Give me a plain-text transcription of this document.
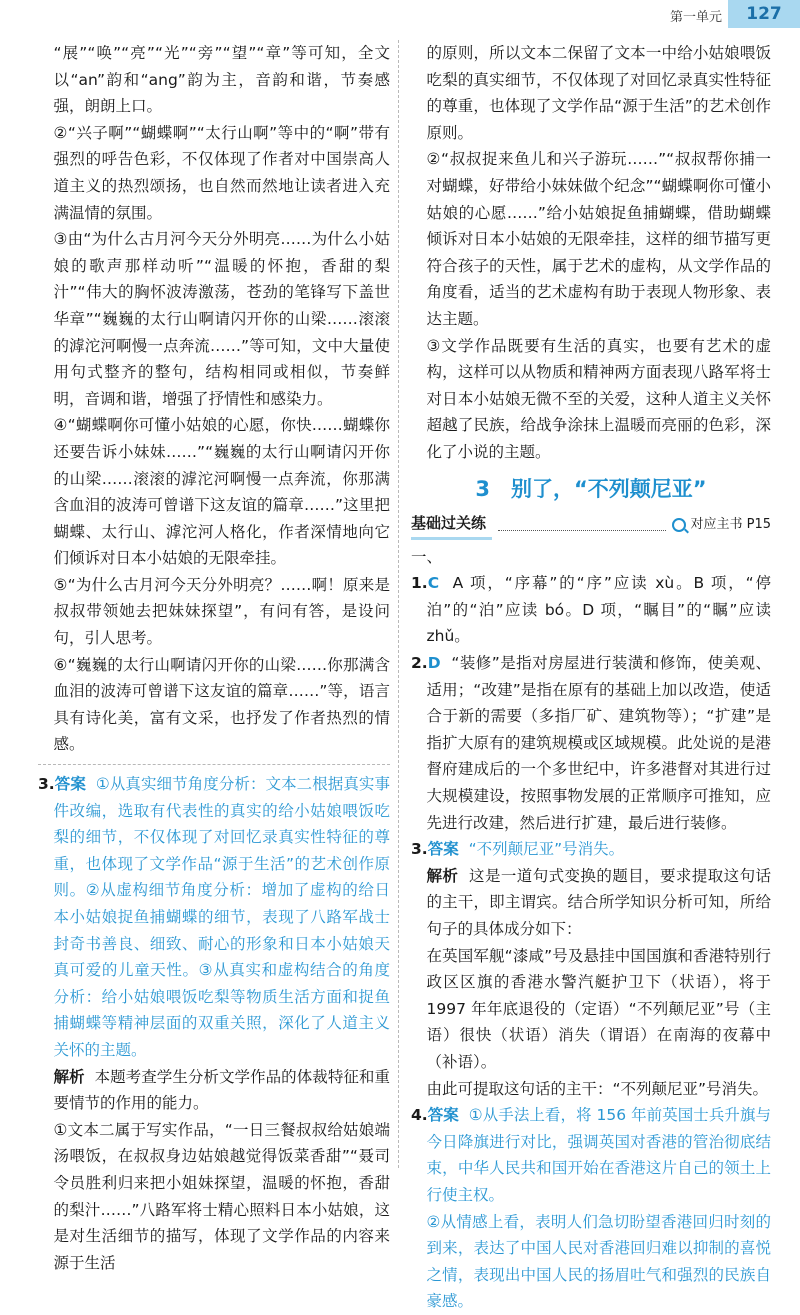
第一单元	127

“展”“唤”“亮”“光”“旁”“望”“章”等可知，全文以“an”韵和“ang”韵为主，音韵和谐，节奏感强，朗朗上口。

②“兴子啊”“蝴蝶啊”“太行山啊”等中的“啊”带有强烈的呼告色彩，不仅体现了作者对中国崇高人道主义的热烈颂扬，也自然而然地让读者进入充满温情的氛围。

③由“为什么古月河今天分外明亮……为什么小姑娘的歌声那样动听”“温暖的怀抱，香甜的梨汁”“伟大的胸怀波涛激荡，苍劲的笔锋写下盖世华章”“巍巍的太行山啊请闪开你的山梁……滚滚的滹沱河啊慢一点奔流……”等可知，文中大量使用句式整齐的整句，结构相同或相似，节奏鲜明，音调和谐，增强了抒情性和感染力。

④“蝴蝶啊你可懂小姑娘的心愿，你快……蝴蝶你还要告诉小妹妹……”“巍巍的太行山啊请闪开你的山梁……滚滚的滹沱河啊慢一点奔流，你那满含血泪的波涛可曾谱下这友谊的篇章……”这里把蝴蝶、太行山、滹沱河人格化，作者深情地向它们倾诉对日本小姑娘的无限牵挂。

⑤“为什么古月河今天分外明亮？……啊！原来是叔叔带领她去把妹妹探望”，有问有答，是设问句，引人思考。

⑥“巍巍的太行山啊请闪开你的山梁……你那满含血泪的波涛可曾谱下这友谊的篇章……”等，语言具有诗化美，富有文采，也抒发了作者热烈的情感。

3.答案 ①从真实细节角度分析：文本二根据真实事件改编，选取有代表性的真实的给小姑娘喂饭吃梨的细节，不仅体现了对回忆录真实性特征的尊重，也体现了文学作品“源于生活”的艺术创作原则。②从虚构细节角度分析：增加了虚构的给日本小姑娘捉鱼捕蝴蝶的细节，表现了八路军战士封奇书善良、细致、耐心的形象和日本小姑娘天真可爱的儿童天性。③从真实和虚构结合的角度分析：给小姑娘喂饭吃梨等物质生活方面和捉鱼捕蝴蝶等精神层面的双重关照，深化了人道主义关怀的主题。

解析 本题考查学生分析文学作品的体裁特征和重要情节的作用的能力。

①文本二属于写实作品，“一日三餐叔叔给姑娘端汤喂饭，在叔叔身边姑娘越觉得饭菜香甜”“聂司令员胜利归来把小姐妹探望，温暖的怀抱，香甜的梨汁……”八路军将士精心照料日本小姑娘，这是对生活细节的描写，体现了文学作品的内容来源于生活

的原则，所以文本二保留了文本一中给小姑娘喂饭吃梨的真实细节，不仅体现了对回忆录真实性特征的尊重，也体现了文学作品“源于生活”的艺术创作原则。

②“叔叔捉来鱼儿和兴子游玩……”“叔叔帮你捕一对蝴蝶，好带给小妹妹做个纪念”“蝴蝶啊你可懂小姑娘的心愿……”给小姑娘捉鱼捕蝴蝶，借助蝴蝶倾诉对日本小姑娘的无限牵挂，这样的细节描写更符合孩子的天性，属于艺术的虚构，从文学作品的角度看，适当的艺术虚构有助于表现人物形象、表达主题。

③文学作品既要有生活的真实，也要有艺术的虚构，这样可以从物质和精神两方面表现八路军将士对日本小姑娘无微不至的关爱，这种人道主义关怀超越了民族，给战争涂抹上温暖而亮丽的色彩，深化了小说的主题。

3　别了，“不列颠尼亚”
基础过关练	对应主书 P15

一、

1.C A 项，“序幕”的“序”应读 xù。B 项，“停泊”的“泊”应读 bó。D 项，“瞩目”的“瞩”应读 zhǔ。

2.D “装修”是指对房屋进行装潢和修饰，使美观、适用；“改建”是指在原有的基础上加以改造，使适合于新的需要（多指厂矿、建筑物等）；“扩建”是指扩大原有的建筑规模或区域规模。此处说的是港督府建成后的一个多世纪中，许多港督对其进行过大规模建设，按照事物发展的正常顺序可推知，应先进行改建，然后进行扩建，最后进行装修。

3.答案 “不列颠尼亚”号消失。

解析 这是一道句式变换的题目，要求提取这句话的主干，即主谓宾。结合所学知识分析可知，所给句子的具体成分如下：

在英国军舰“漆咸”号及悬挂中国国旗和香港特别行政区区旗的香港水警汽艇护卫下（状语），将于 1997 年年底退役的（定语）“不列颠尼亚”号（主语）很快（状语）消失（谓语）在南海的夜幕中（补语）。

由此可提取这句话的主干：“不列颠尼亚”号消失。

4.答案 ①从手法上看，将 156 年前英国士兵升旗与今日降旗进行对比，强调英国对香港的管治彻底结束，中华人民共和国开始在香港这片自己的领土上行使主权。

②从情感上看，表明人们急切盼望香港回归时刻的到来，表达了中国人民对香港回归难以抑制的喜悦之情，表现出中国人民的扬眉吐气和强烈的民族自豪感。
